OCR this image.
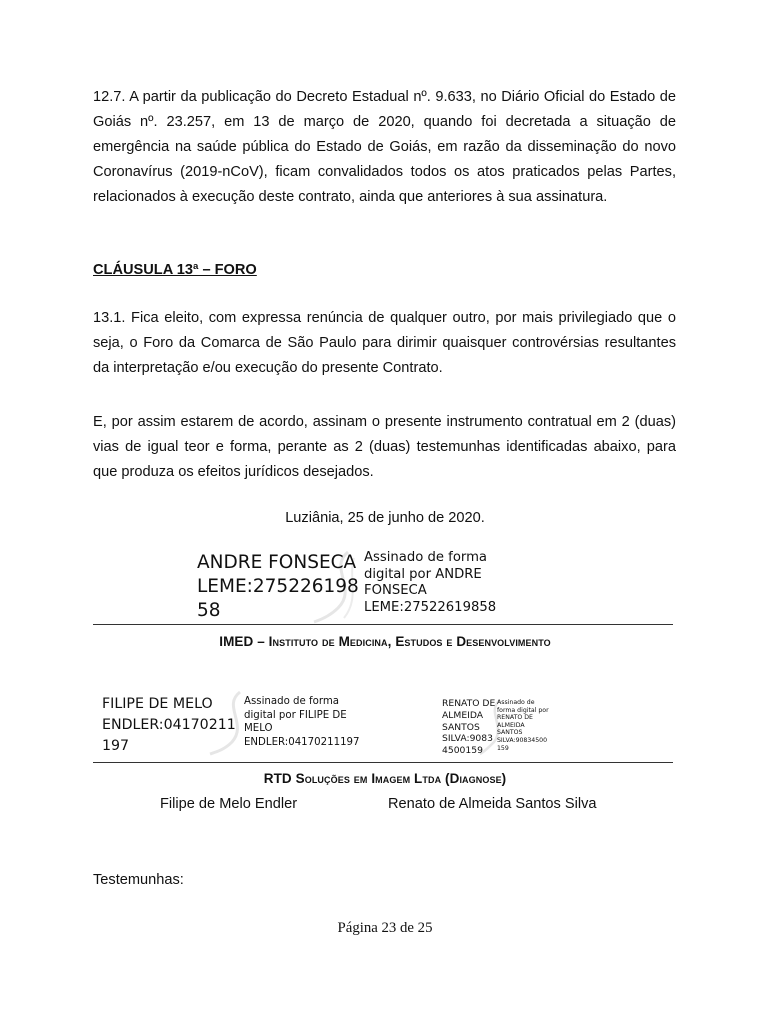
12.7. A partir da publicação do Decreto Estadual nº. 9.633, no Diário Oficial do Estado de Goiás nº. 23.257, em 13 de março de 2020, quando foi decretada a situação de emergência na saúde pública do Estado de Goiás, em razão da disseminação do novo Coronavírus (2019-nCoV), ficam convalidados todos os atos praticados pelas Partes, relacionados à execução deste contrato, ainda que anteriores à sua assinatura.

CLÁUSULA 13ª – FORO

13.1. Fica eleito, com expressa renúncia de qualquer outro, por mais privilegiado que o seja, o Foro da Comarca de São Paulo para dirimir quaisquer controvérsias resultantes da interpretação e/ou execução do presente Contrato.

E, por assim estarem de acordo, assinam o presente instrumento contratual em 2 (duas) vias de igual teor e forma, perante as 2 (duas) testemunhas identificadas abaixo, para que produza os efeitos jurídicos desejados.

Luziânia, 25 de junho de 2020.

ANDRE FONSECA
LEME:275226198
58

Assinado de forma
digital por ANDRE
FONSECA
LEME:27522619858

IMED – Instituto de Medicina, Estudos e Desenvolvimento

FILIPE DE MELO
ENDLER:04170211
197

Assinado de forma
digital por FILIPE DE
MELO
ENDLER:04170211197

RENATO DE
ALMEIDA
SANTOS
SILVA:9083
4500159

Assinado de
forma digital por
RENATO DE
ALMEIDA
SANTOS
SILVA:90834500
159

RTD Soluções em Imagem Ltda (Diagnose)

Filipe de Melo Endler	Renato de Almeida Santos Silva

Testemunhas:

Página 23 de 25
